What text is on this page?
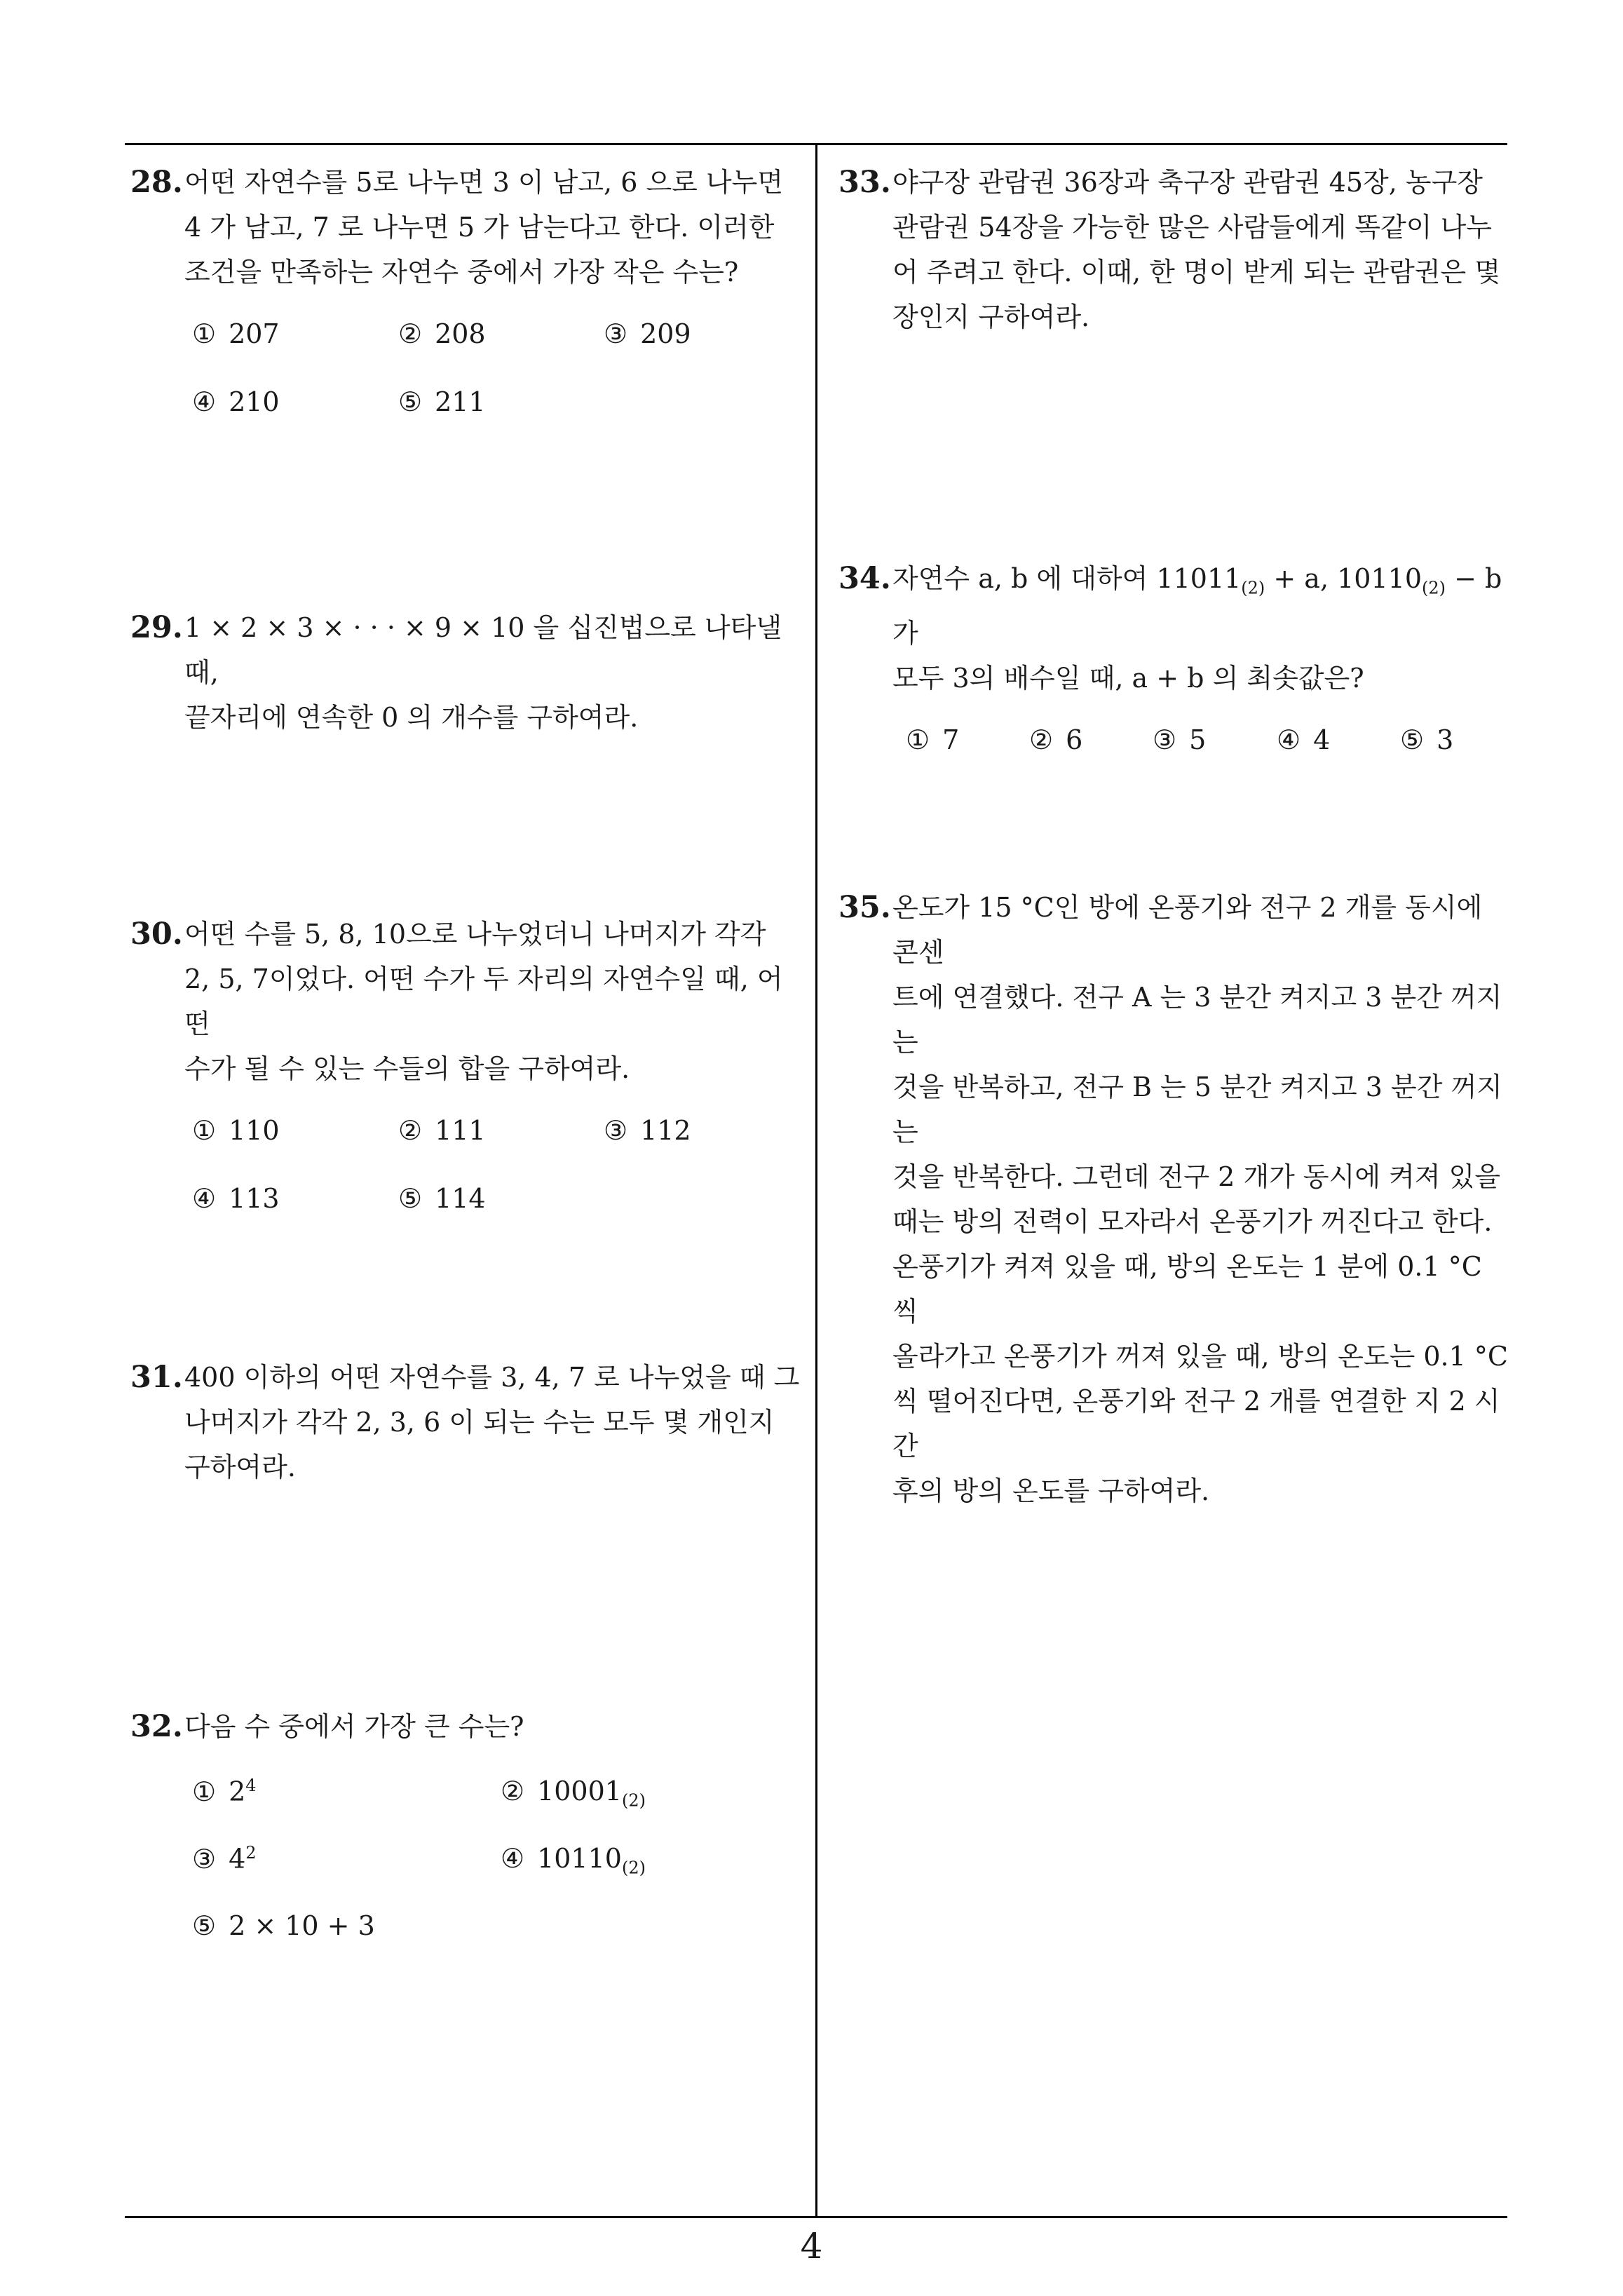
28. 어떤 자연수를 5로 나누면 3 이 남고, 6 으로 나누면
4 가 남고, 7 로 나누면 5 가 남는다고 한다. 이러한
조건을 만족하는 자연수 중에서 가장 작은 수는?
① 207	② 208	③ 209
④ 210	⑤ 211
29. 1 × 2 × 3 × · · · × 9 × 10 을 십진법으로 나타낼 때,
끝자리에 연속한 0 의 개수를 구하여라.
30. 어떤 수를 5, 8, 10으로 나누었더니 나머지가 각각
2, 5, 7이었다. 어떤 수가 두 자리의 자연수일 때, 어떤
수가 될 수 있는 수들의 합을 구하여라.
① 110	② 111	③ 112
④ 113	⑤ 114
31. 400 이하의 어떤 자연수를 3, 4, 7 로 나누었을 때 그
나머지가 각각 2, 3, 6 이 되는 수는 모두 몇 개인지
구하여라.
32. 다음 수 중에서 가장 큰 수는?
① $2^4$	② $10001_{(2)}$
③ $4^2$	④ $10110_{(2)}$
⑤ 2 × 10 + 3
33. 야구장 관람권 36장과 축구장 관람권 45장, 농구장
관람권 54장을 가능한 많은 사람들에게 똑같이 나누
어 주려고 한다. 이때, 한 명이 받게 되는 관람권은 몇
장인지 구하여라.
34. 자연수 a, b 에 대하여 $11011_{(2)} + a$, $10110_{(2)} - b$ 가
모두 3의 배수일 때, a + b 의 최솟값은?
① 7	② 6	③ 5	④ 4	⑤ 3
35. 온도가 15 °C인 방에 온풍기와 전구 2 개를 동시에 콘센
트에 연결했다. 전구 A 는 3 분간 켜지고 3 분간 꺼지는
것을 반복하고, 전구 B 는 5 분간 켜지고 3 분간 꺼지는
것을 반복한다. 그런데 전구 2 개가 동시에 켜져 있을
때는 방의 전력이 모자라서 온풍기가 꺼진다고 한다.
온풍기가 켜져 있을 때, 방의 온도는 1 분에 0.1 °C 씩
올라가고 온풍기가 꺼져 있을 때, 방의 온도는 0.1 °C
씩 떨어진다면, 온풍기와 전구 2 개를 연결한 지 2 시간
후의 방의 온도를 구하여라.
4
